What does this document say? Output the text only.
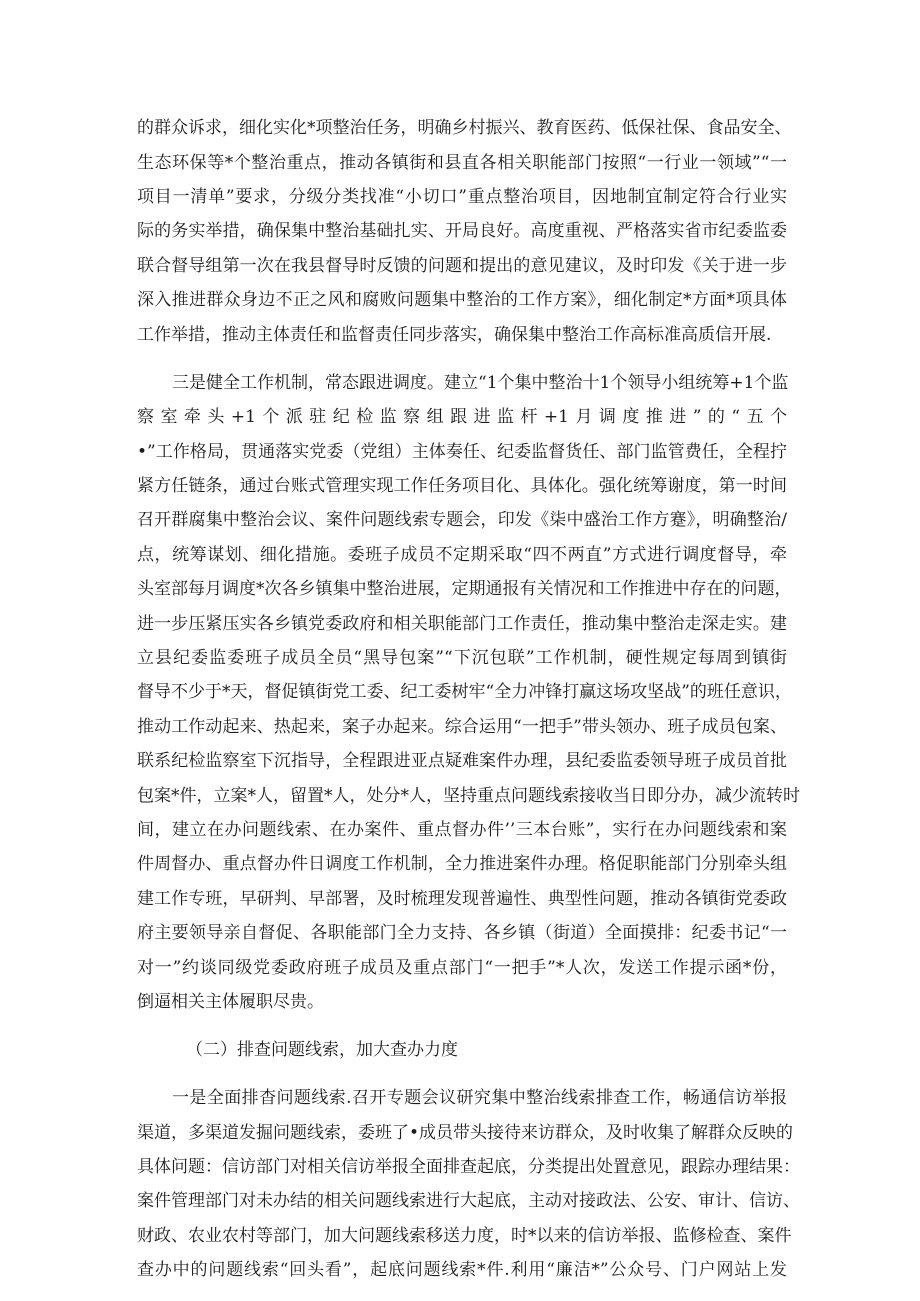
的群众诉求，细化实化*项整治任务，明确乡村振兴、教育医药、低保社保、食品安全、
生态环保等*个整治重点，推动各镇街和县直各相关职能部门按照“一行业一领域”“一
项目一清单”要求，分级分类找准“小切口”重点整治项目，因地制宜制定符合行业实
际的务实举措，确保集中整治基础扎实、开局良好。高度重视、严格落实省市纪委监委
联合督导组第一次在我县督导时反馈的问题和提出的意见建议，及时印发《关于进一步
深入推进群众身边不正之风和腐败问题集中整治的工作方案》，细化制定*方面*项具体
工作举措，推动主体责任和监督责任同步落实，确保集中整治工作高标准高质信开展.
三是健全工作机制，常态跟进调度。建立“1个集中整治十1个领导小组统筹+1个监
察室牵头+1个派驻纪检监察组跟进监杆+1月调度推进”的“五个
•”工作格局，贯通落实党委（党组）主体奏任、纪委监督货任、部门监管费任，全程拧
紧方任链条，通过台账式管理实现工作任务项目化、具体化。强化统筹谢度，第一时间
召开群腐集中整治会议、案件问题线索专题会，印发《柒中盛治工作方蹇》，明确整治/
点，统筹谋划、细化措施。委班子成员不定期采取“四不两直”方式进行调度督导，牵
头室部每月调度*次各乡镇集中整治进展，定期通报有关情况和工作推进中存在的问题，
进一步压紧压实各乡镇党委政府和相关职能部门工作责任，推动集中整治走深走实。建
立县纪委监委班子成员全员“黑导包案”“下沉包联”工作机制，硬性规定每周到镇街
督导不少于*天，督促镇街党工委、纪工委树牢“全力冲锋打赢这场攻坚战”的班任意识，
推动工作动起来、热起来，案子办起来。综合运用“一把手”带头领办、班子成员包案、
联系纪检监察室下沉指导，全程跟进亚点疑难案件办理，县纪委监委领导班子成员首批
包案*件，立案*人，留置*人，处分*人，坚持重点问题线索接收当日即分办，减少流转时
间，建立在办问题线索、在办案件、重点督办件’’三本台账”，实行在办问题线索和案
件周督办、重点督办件日调度工作机制，全力推进案件办理。格促职能部门分别牵头组
建工作专班，早研判、早部署，及时梳理发现普遍性、典型性问题，推动各镇街党委政
府主要领导亲自督促、各职能部门全力支持、各乡镇（街道）全面摸排：纪委书记“一
对一”约谈同级党委政府班子成员及重点部门“一把手”*人次，发送工作提示函*份，
倒逼相关主体履职尽贵。
（二）排查问题线索，加大查办力度
一是全面排杳问题线索.召开专题会议研究集中整治线索排查工作，畅通信访举报
渠道，多渠道发掘问题线索，委班了•成员带头接待来访群众，及时收集了解群众反映的
具体问题：信访部门对相关信访举报全面排查起底，分类提出处置意见，跟踪办理结果：
案件管理部门对未办结的相关问题线索进行大起底，主动对接政法、公安、审计、信访、
财政、农业农村等部门，加大问题线索移送力度，时*以来的信访举报、监修检查、案件
查办中的问题线索“回头看”，起底问题线索*件.利用“廉洁*”公众号、门户网站上发
